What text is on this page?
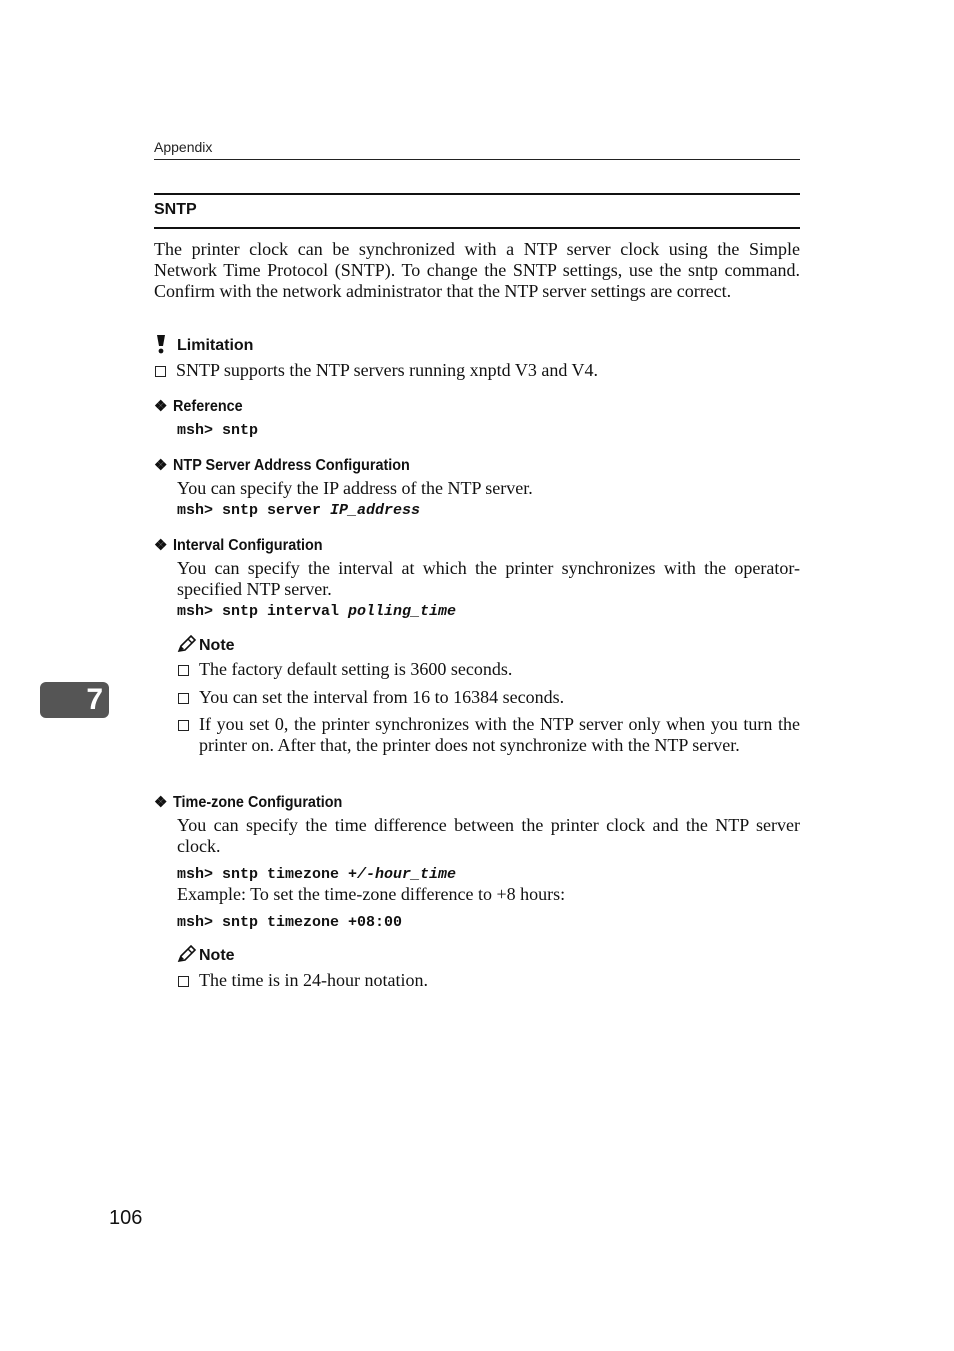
Appendix
SNTP
The printer clock can be synchronized with a NTP server clock using the Simple Network Time Protocol (SNTP). To change the SNTP settings, use the sntp command. Confirm with the network administrator that the NTP server settings are correct.
Limitation
SNTP supports the NTP servers running xnptd V3 and V4.
❖ Reference
msh> sntp
❖ NTP Server Address Configuration
You can specify the IP address of the NTP server.
msh> sntp server IP_address
❖ Interval Configuration
You can specify the interval at which the printer synchronizes with the operator-specified NTP server.
msh> sntp interval polling_time
Note
The factory default setting is 3600 seconds.
You can set the interval from 16 to 16384 seconds.
If you set 0, the printer synchronizes with the NTP server only when you turn the printer on. After that, the printer does not synchronize with the NTP server.
7
❖ Time-zone Configuration
You can specify the time difference between the printer clock and the NTP server clock.
msh> sntp timezone +/-hour_time
Example: To set the time-zone difference to +8 hours:
msh> sntp timezone +08:00
Note
The time is in 24-hour notation.
106
